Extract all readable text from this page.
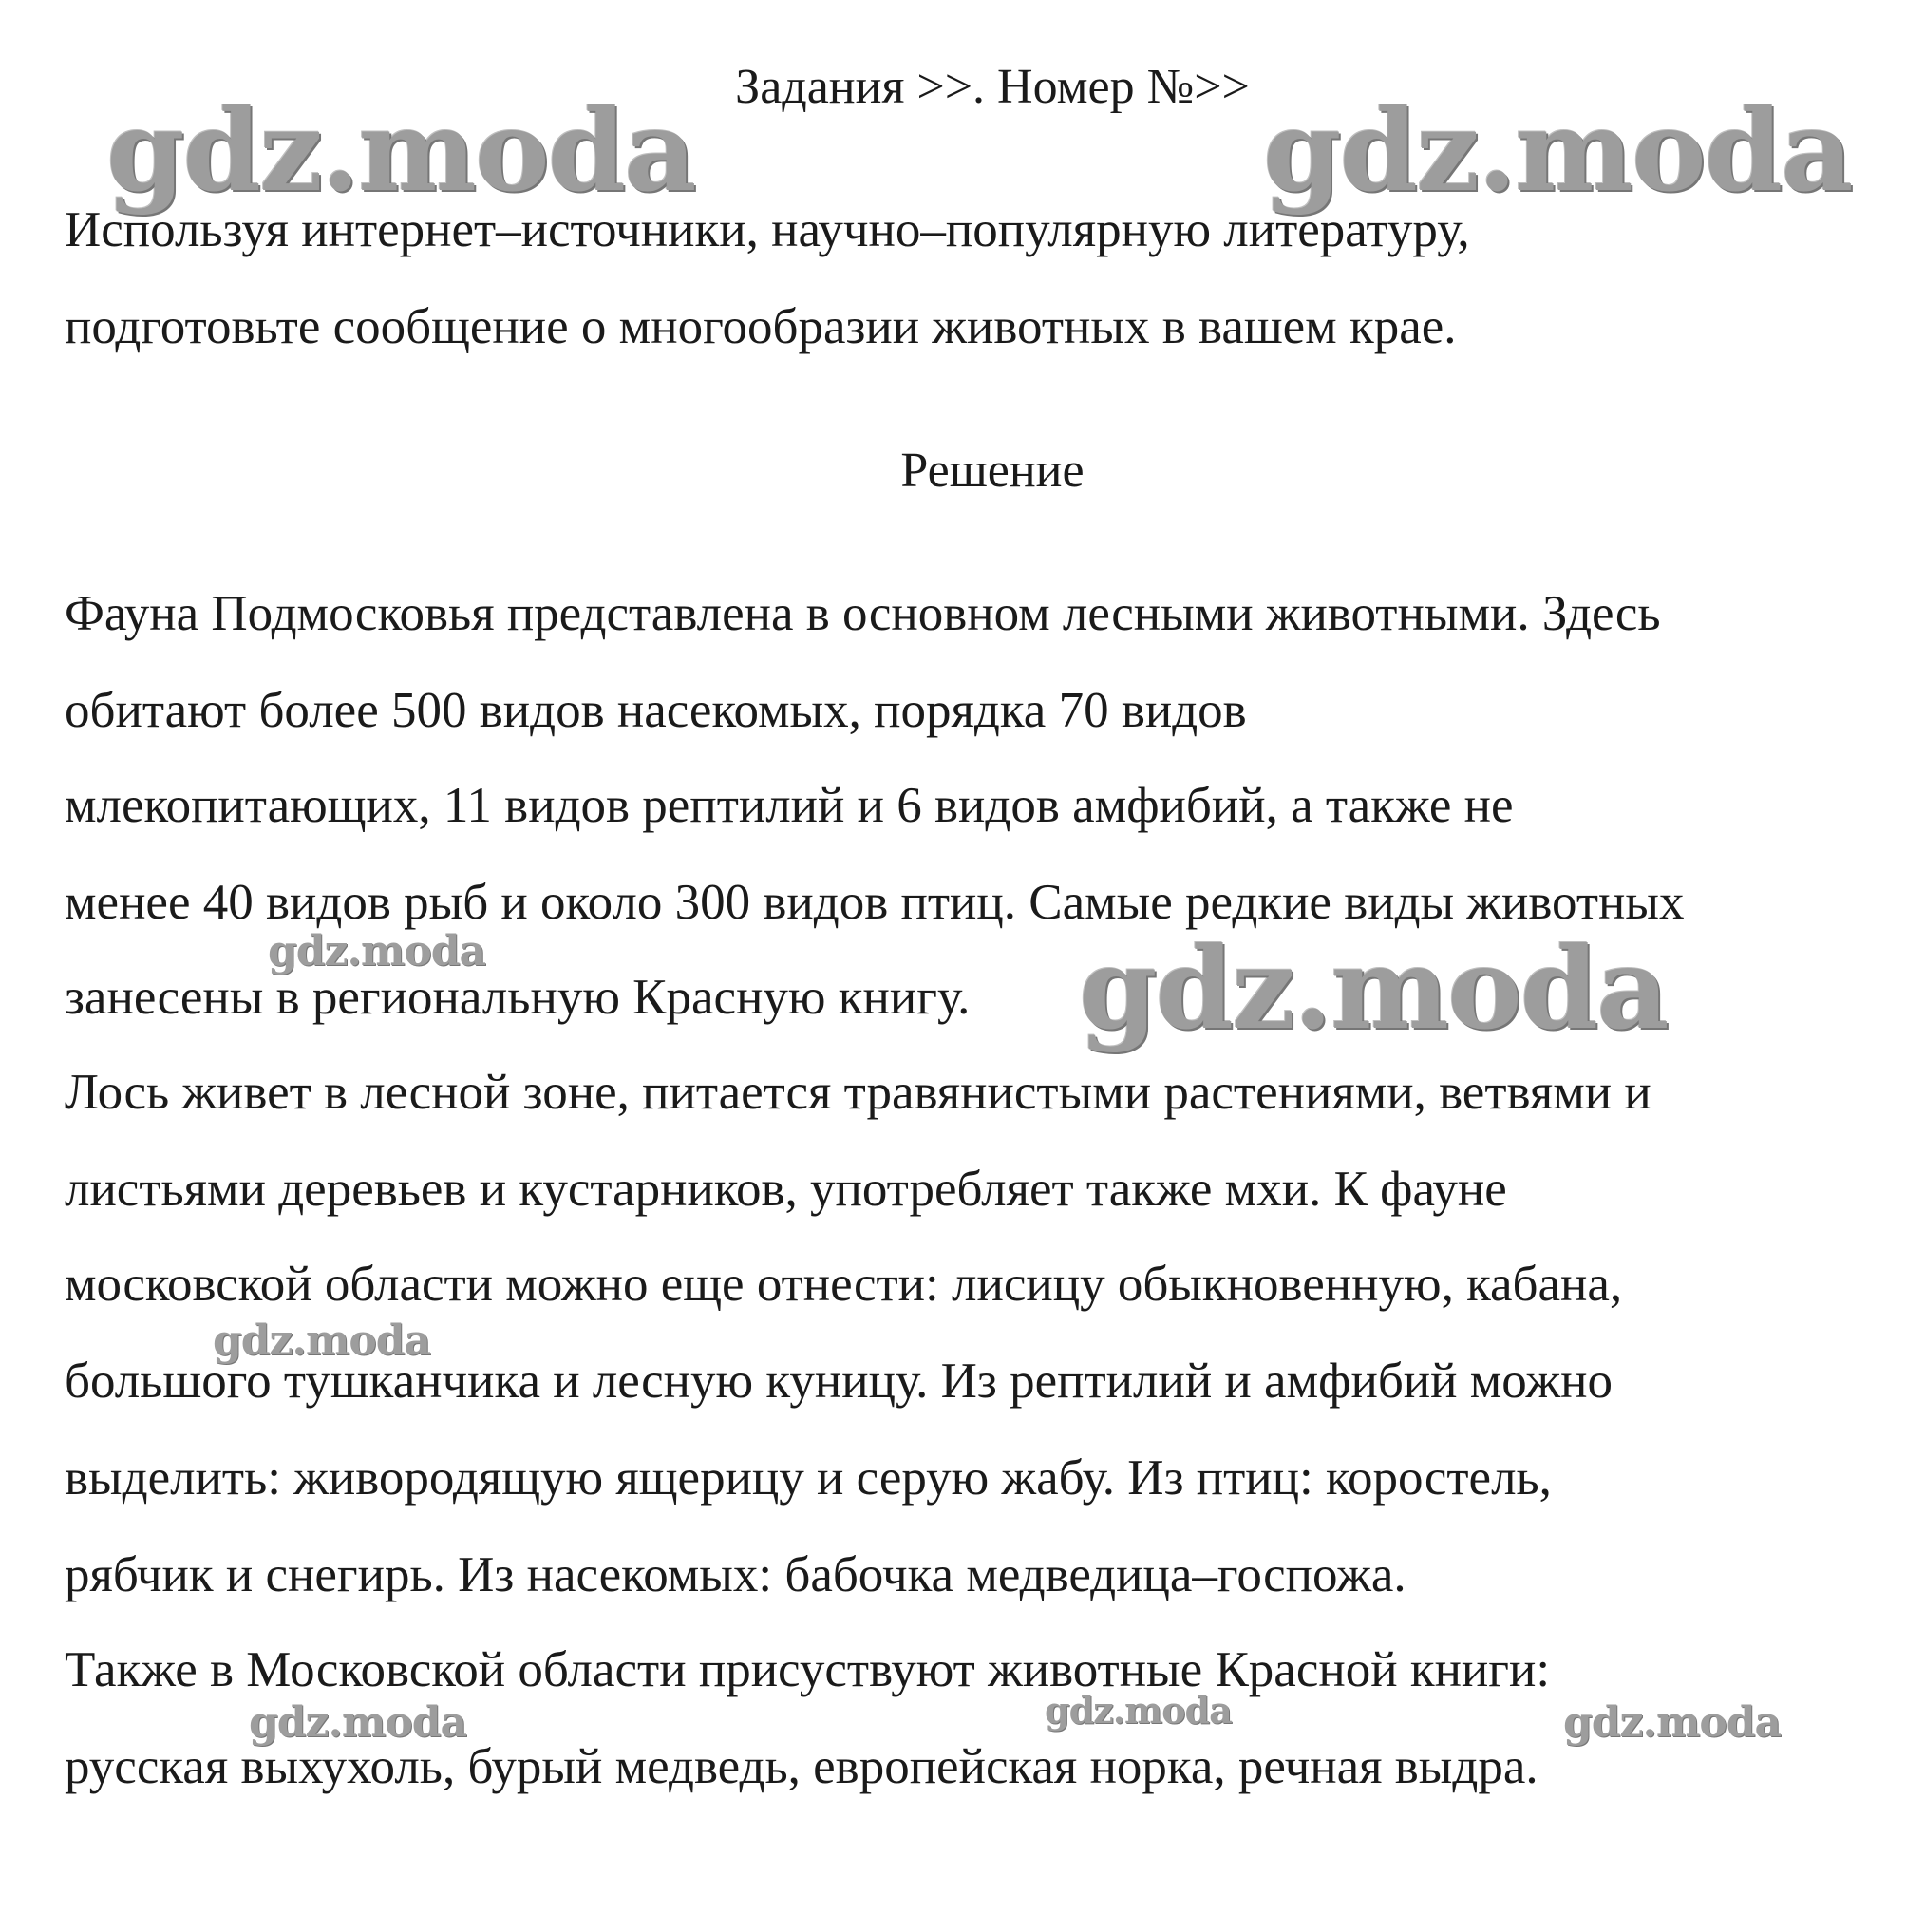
Задания >>. Номер №>>
Используя интернет–источники, научно–популярную литературу,
подготовьте сообщение о многообразии животных в вашем крае.
Решение
Фауна Подмосковья представлена в основном лесными животными. Здесь
обитают более 500 видов насекомых, порядка 70 видов
млекопитающих, 11 видов рептилий и 6 видов амфибий, а также не
менее 40 видов рыб и около 300 видов птиц. Самые редкие виды животных
занесены в региональную Красную книгу.
Лось живет в лесной зоне, питается травянистыми растениями, ветвями и
листьями деревьев и кустарников, употребляет также мхи. К фауне
московской области можно еще отнести: лисицу обыкновенную, кабана,
большого тушканчика и лесную куницу. Из рептилий и амфибий можно
выделить: живородящую ящерицу и серую жабу. Из птиц: коростель,
рябчик и снегирь. Из насекомых: бабочка медведица–госпожа.
Также в Московской области присуствуют животные Красной книги:
русская выхухоль, бурый медведь, европейская норка, речная выдра.
gdz.moda	gdz.moda
gdz.moda	gdz.moda
gdz.moda
gdz.moda	gdz.moda	gdz.moda
